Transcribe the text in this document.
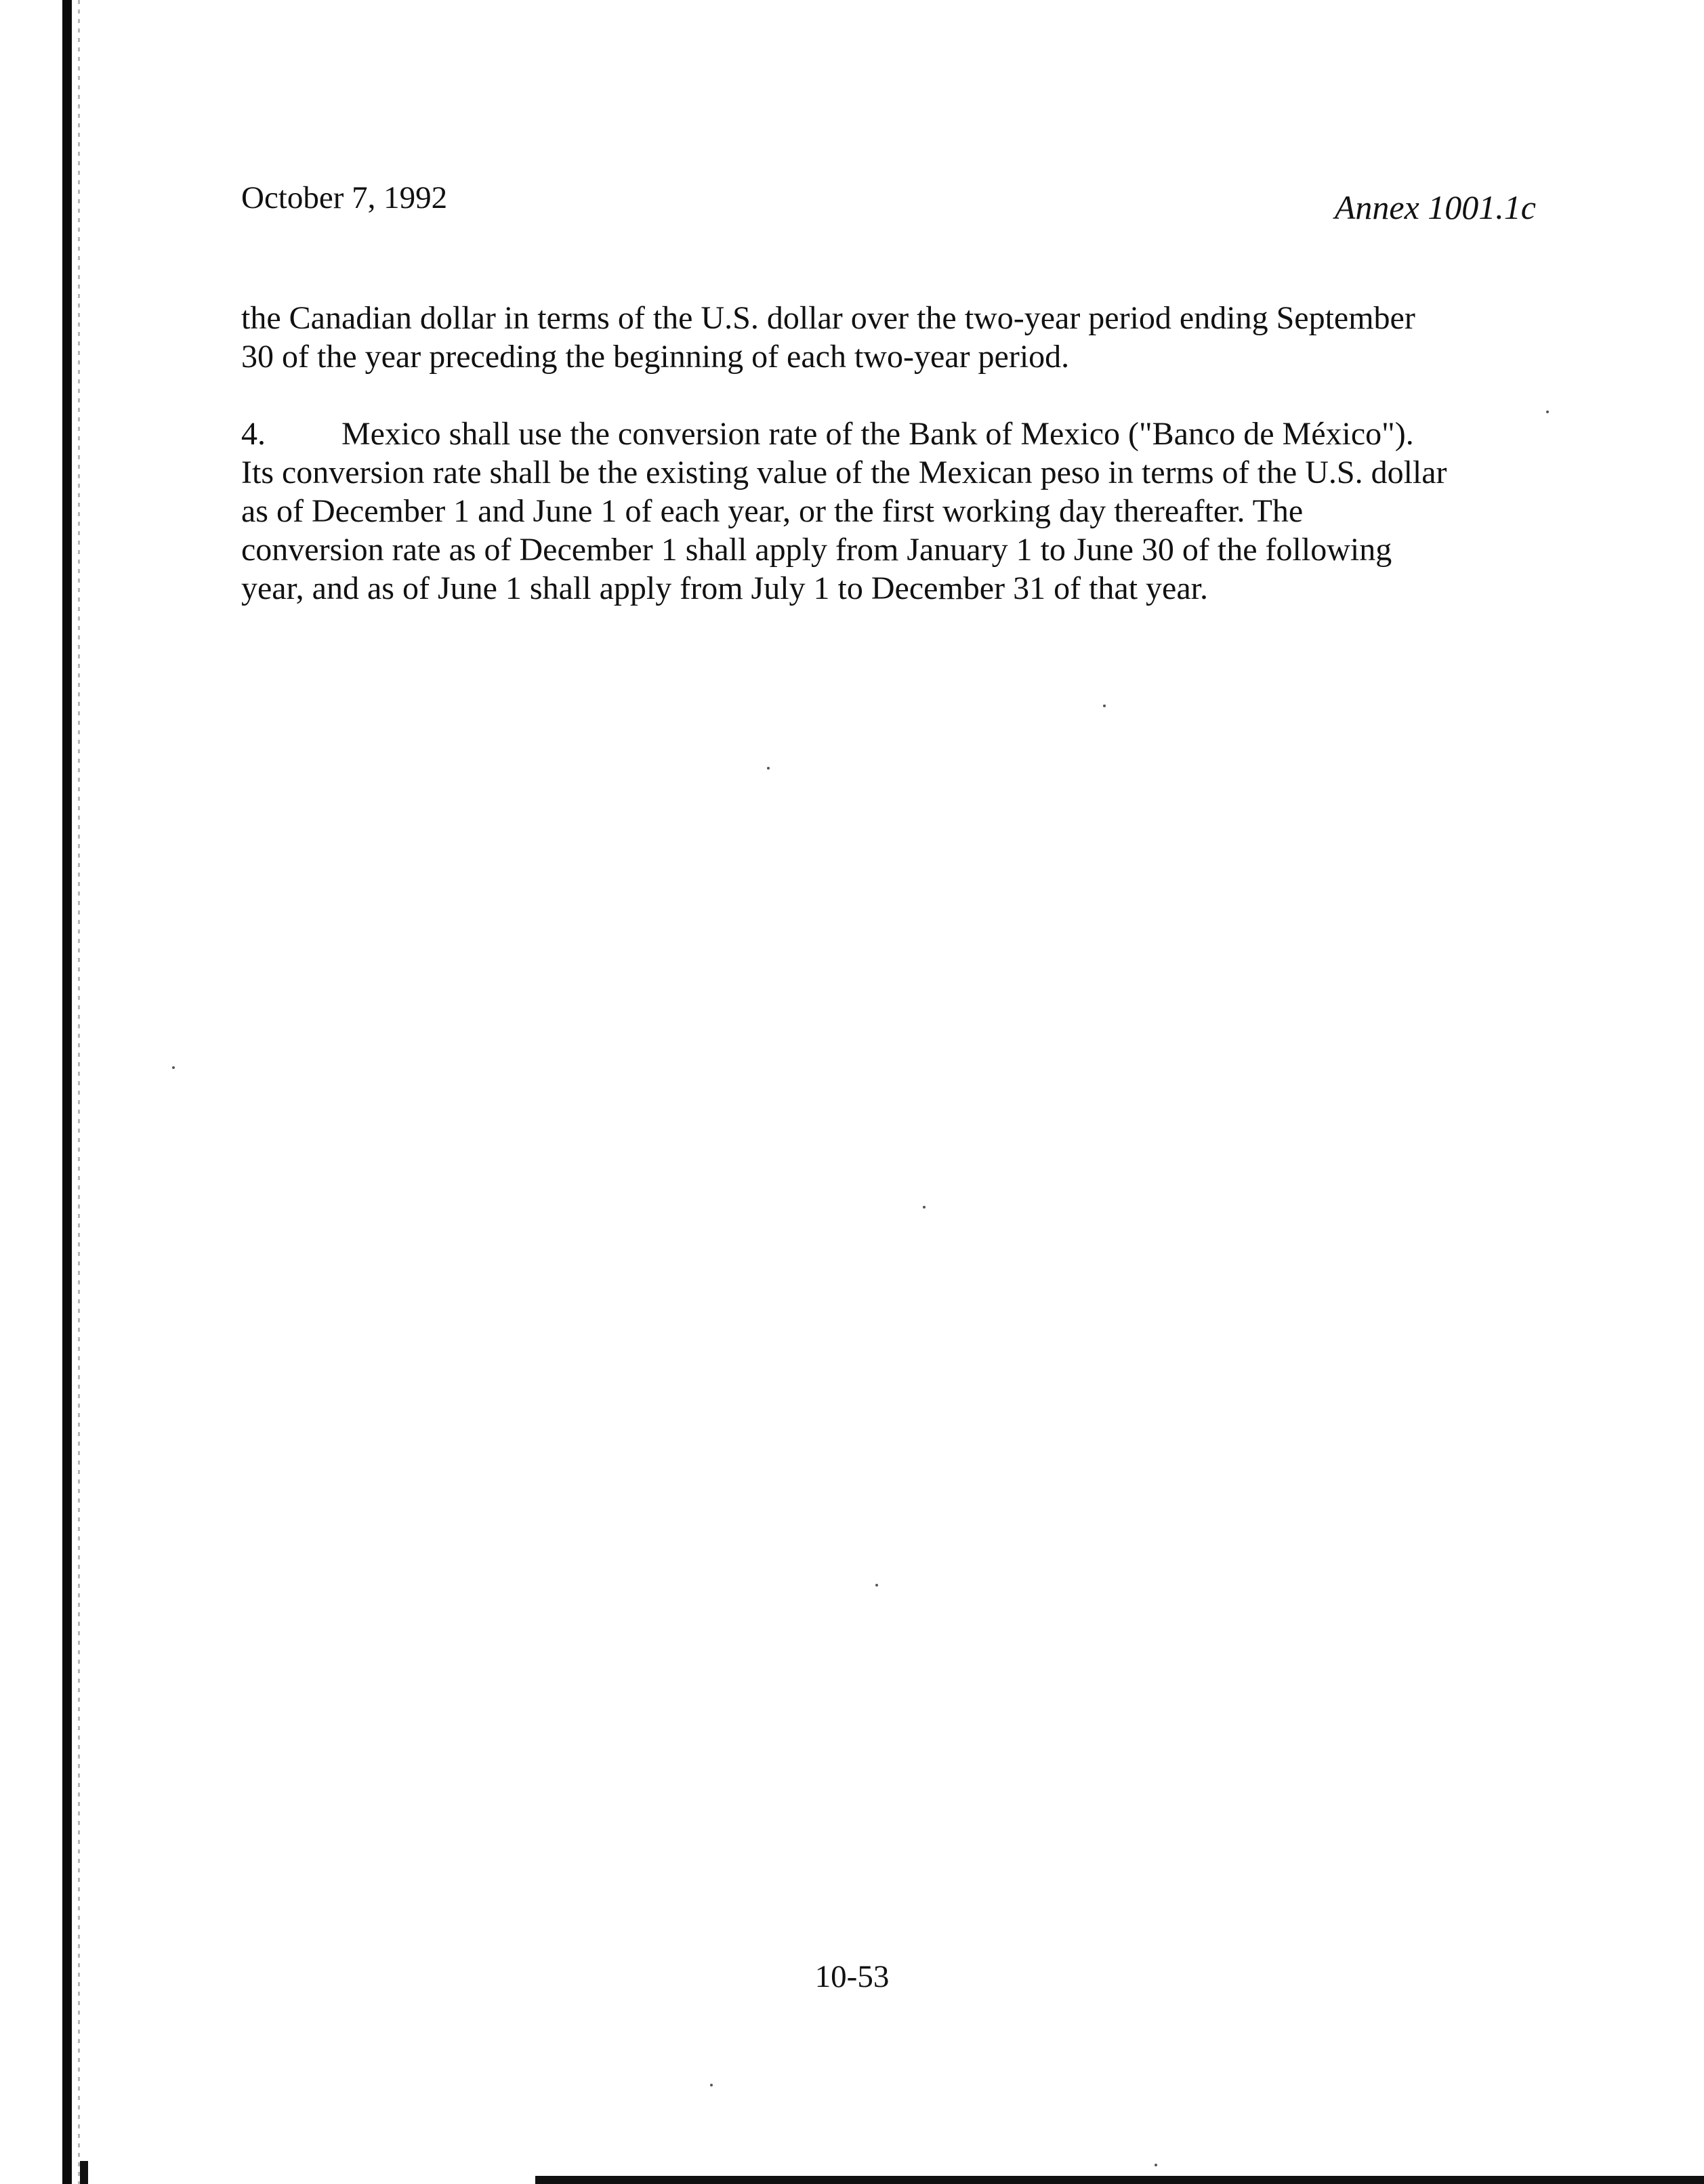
October 7, 1992	Annex 1001.1c
the Canadian dollar in terms of the U.S. dollar over the two-year period ending September
30 of the year preceding the beginning of each two-year period.
4. Mexico shall use the conversion rate of the Bank of Mexico ("Banco de México").
Its conversion rate shall be the existing value of the Mexican peso in terms of the U.S. dollar
as of December 1 and June 1 of each year, or the first working day thereafter. The
conversion rate as of December 1 shall apply from January 1 to June 30 of the following
year, and as of June 1 shall apply from July 1 to December 31 of that year.
10-53
